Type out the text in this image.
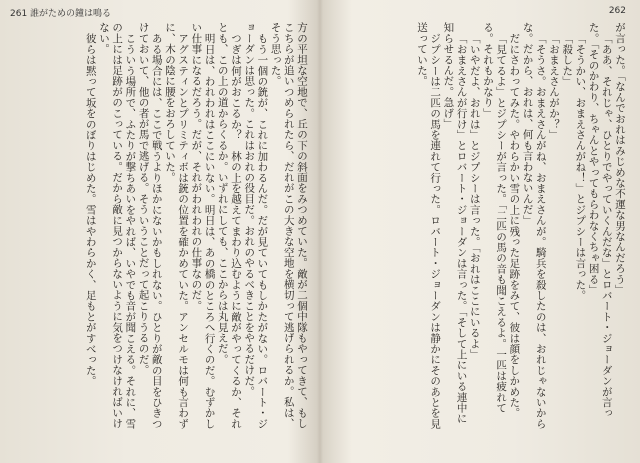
261 誰がための鐘は鳴る

方の平坦な空地で、丘の下の斜面をみつめていた。敵が二個中隊もやってきて、もしこちらが追いつめられたら、だれがこの大きな空地を横切って逃げられるか。私は、そう思った。

もう一個の銃が、これに加わるんだ。だが見ていてもしかたがない。ロバート・ジョーダンは思った。これはおれの役目だ。おれのやるべきことをやるだけだ。

つぎは何がおこるか？　林の上を越えてまわり込むように敵がやってくるか、それとも、この上の道からくるか。いずれにしても、ここからは丸見えだ。

明日は、われわれはここにいない。明日は、あの橋のところへ行くのだ。むずかしい仕事になるだろう。だが、それがわれわれの仕事なのだ。

アグスティンとプリミティボは銃の位置を確かめていた。アンセルモは何も言わずに、木の陰に腰をおろしていた。

ある場合には、ここで戦うよりほかにないかもしれない。ひとりが敵の目をひきつけておいて、他の者が馬で逃げる。そういうことだって起こりうるのだ。

こういう場所で、ふたりが撃ちあいをやれば、いやでも音が聞こえる。それに、雪の上には足跡がのこっている。だから敵に見つからないように気をつけなければいけない。

彼らは黙って坂をのぼりはじめた。雪はやわらかく、足もとがすべった。

262

が言った。「なんでおれはみじめな不運な男なんだろう」

「ああ、それじゃ、ひとりでやっていくんだな」とロバート・ジョーダンが言った。「そのかわり、ちゃんとやってもらわなくちゃ困る」

「そうかい、おまえさんがね！」とジプシーは言った。

「殺した」

「おまえさんがか？」

「そうさ。おまえさんがね、おまえさんが。騎兵を殺したのは、おれじゃないからな。だから、おれは、何も言わないんだ」

だにさわってみた。やわらかい雪の上に残った足跡をみて、彼は顔をしかめた。

「見てるよ」とジプシーが言った。「二匹の馬の音も聞こえるよ。一匹は疲れてる。それもかなり」

「いやだよ、おれは」とジプシーは言った。「おれはここにいるよ」

「おまえさんが行け」とロバート・ジョーダンは言った。「そして上にいる連中に知らせるんだ。急げ」

ジプシーは二匹の馬を連れて行った。ロバート・ジョーダンは静かにそのあとを見送っていた。
